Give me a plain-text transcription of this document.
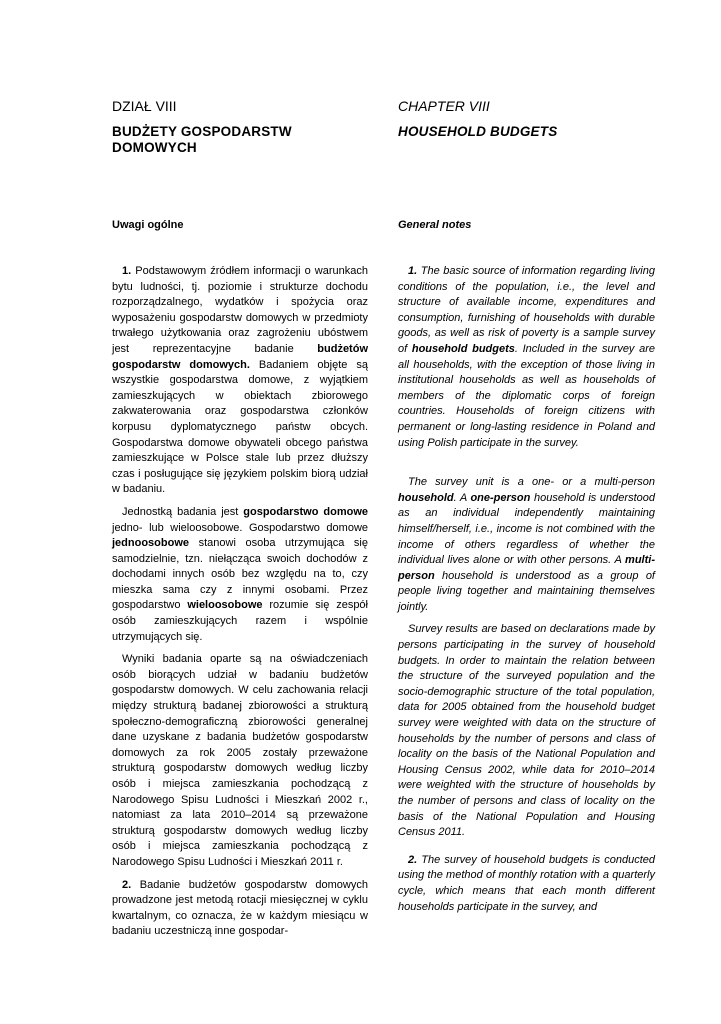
DZIAŁ VIII
BUDŻETY GOSPODARSTW
DOMOWYCH
Uwagi ogólne

1. Podstawowym źródłem informacji o warunkach bytu ludności, tj. poziomie i strukturze dochodu rozporządzalnego, wydatków i spożycia oraz wyposażeniu gospodarstw domowych w przedmioty trwałego użytkowania oraz zagrożeniu ubóstwem jest reprezentacyjne badanie budżetów gospodarstw domowych. Badaniem objęte są wszystkie gospodarstwa domowe, z wyjątkiem zamieszkujących w obiektach zbiorowego zakwaterowania oraz gospodarstwa członków korpusu dyplomatycznego państw obcych. Gospodarstwa domowe obywateli obcego państwa zamieszkujące w Polsce stale lub przez dłuższy czas i posługujące się językiem polskim biorą udział w badaniu.

Jednostką badania jest gospodarstwo domowe jedno- lub wieloosobowe. Gospodarstwo domowe jednoosobowe stanowi osoba utrzymująca się samodzielnie, tzn. niełącząca swoich dochodów z dochodami innych osób bez względu na to, czy mieszka sama czy z innymi osobami. Przez gospodarstwo wieloosobowe rozumie się zespół osób zamieszkujących razem i wspólnie utrzymujących się.

Wyniki badania oparte są na oświadczeniach osób biorących udział w badaniu budżetów gospodarstw domowych. W celu zachowania relacji między strukturą badanej zbiorowości a strukturą społeczno-demograficzną zbiorowości generalnej dane uzyskane z badania budżetów gospodarstw domowych za rok 2005 zostały przeważone strukturą gospodarstw domowych według liczby osób i miejsca zamieszkania pochodzącą z Narodowego Spisu Ludności i Mieszkań 2002 r., natomiast za lata 2010–2014 są przeważone strukturą gospodarstw domowych według liczby osób i miejsca zamieszkania pochodzącą z Narodowego Spisu Ludności i Mieszkań 2011 r.

2. Badanie budżetów gospodarstw domowych prowadzone jest metodą rotacji miesięcznej w cyklu kwartalnym, co oznacza, że w każdym miesiącu w badaniu uczestniczą inne gospodar-

CHAPTER VIII
HOUSEHOLD BUDGETS
General notes

1. The basic source of information regarding living conditions of the population, i.e., the level and structure of available income, expenditures and consumption, furnishing of households with durable goods, as well as risk of poverty is a sample survey of household budgets. Included in the survey are all households, with the exception of those living in institutional households as well as households of members of the diplomatic corps of foreign countries. Households of foreign citizens with permanent or long-lasting residence in Poland and using Polish participate in the survey.

The survey unit is a one- or a multi-person household. A one-person household is understood as an individual independently maintaining himself/herself, i.e., income is not combined with the income of others regardless of whether the individual lives alone or with other persons. A multi-person household is understood as a group of people living together and maintaining themselves jointly.

Survey results are based on declarations made by persons participating in the survey of household budgets. In order to maintain the relation between the structure of the surveyed population and the socio-demographic structure of the total population, data for 2005 obtained from the household budget survey were weighted with data on the structure of households by the number of persons and class of locality on the basis of the National Population and Housing Census 2002, while data for 2010–2014 were weighted with the structure of households by the number of persons and class of locality on the basis of the National Population and Housing Census 2011.

2. The survey of household budgets is conducted using the method of monthly rotation with a quarterly cycle, which means that each month different households participate in the survey, and
